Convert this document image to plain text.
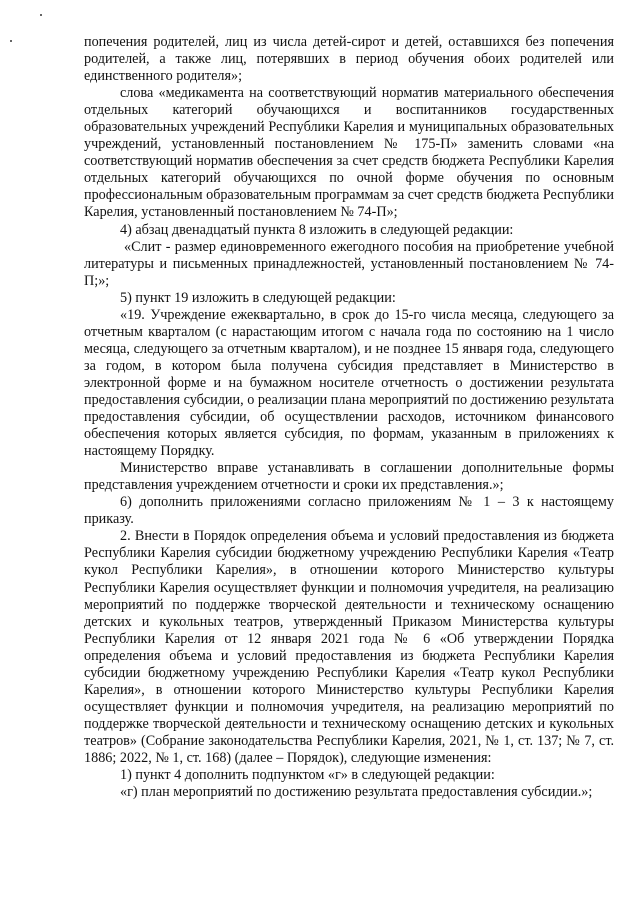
попечения родителей, лиц из числа детей-сирот и детей, оставшихся без попечения родителей, а также лиц, потерявших в период обучения обоих родителей или единственного родителя»;

слова «медикамента на соответствующий норматив материального обеспечения отдельных категорий обучающихся и воспитанников государственных образовательных учреждений Республики Карелия и муниципальных образовательных учреждений, установленный постановлением № 175-П» заменить словами «на соответствующий норматив обеспечения за счет средств бюджета Республики Карелия отдельных категорий обучающихся по очной форме обучения по основным профессиональным образовательным программам за счет средств бюджета Республики Карелия, установленный постановлением № 74-П»;

4) абзац двенадцатый пункта 8 изложить в следующей редакции:

«Слит - размер единовременного ежегодного пособия на приобретение учебной литературы и письменных принадлежностей, установленный постановлением № 74-П;»;

5) пункт 19 изложить в следующей редакции:

«19. Учреждение ежеквартально, в срок до 15-го числа месяца, следующего за отчетным кварталом (с нарастающим итогом с начала года по состоянию на 1 число месяца, следующего за отчетным кварталом), и не позднее 15 января года, следующего за годом, в котором была получена субсидия представляет в Министерство в электронной форме и на бумажном носителе отчетность о достижении результата предоставления субсидии, о реализации плана мероприятий по достижению результата предоставления субсидии, об осуществлении расходов, источником финансового обеспечения которых является субсидия, по формам, указанным в приложениях к настоящему Порядку.

Министерство вправе устанавливать в соглашении дополнительные формы представления учреждением отчетности и сроки их представления.»;

6) дополнить приложениями согласно приложениям № 1 – 3 к настоящему приказу.

2. Внести в Порядок определения объема и условий предоставления из бюджета Республики Карелия субсидии бюджетному учреждению Республики Карелия «Театр кукол Республики Карелия», в отношении которого Министерство культуры Республики Карелия осуществляет функции и полномочия учредителя, на реализацию мероприятий по поддержке творческой деятельности и техническому оснащению детских и кукольных театров, утвержденный Приказом Министерства культуры Республики Карелия от 12 января 2021 года № 6 «Об утверждении Порядка определения объема и условий предоставления из бюджета Республики Карелия субсидии бюджетному учреждению Республики Карелия «Театр кукол Республики Карелия», в отношении которого Министерство культуры Республики Карелия осуществляет функции и полномочия учредителя, на реализацию мероприятий по поддержке творческой деятельности и техническому оснащению детских и кукольных театров» (Собрание законодательства Республики Карелия, 2021, № 1, ст. 137; № 7, ст. 1886; 2022, № 1, ст. 168) (далее – Порядок), следующие изменения:

1) пункт 4 дополнить подпунктом «г» в следующей редакции:

«г) план мероприятий по достижению результата предоставления субсидии.»;
